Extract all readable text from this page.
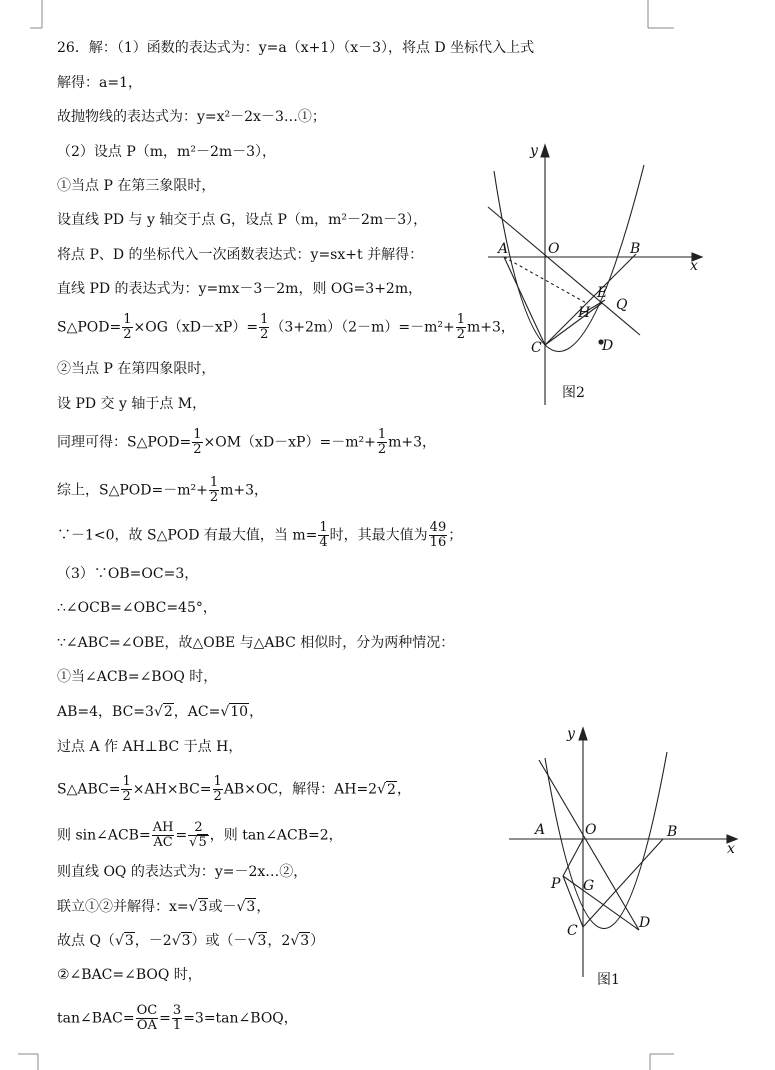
26．解：（1）函数的表达式为：y=a（x+1）（x－3），将点 D 坐标代入上式
解得：a=1，
故抛物线的表达式为：y=x²－2x－3…①；
（2）设点 P（m，m²－2m－3），
①当点 P 在第三象限时，
设直线 PD 与 y 轴交于点 G，设点 P（m，m²－2m－3），
将点 P、D 的坐标代入一次函数表达式：y=sx+t 并解得：
直线 PD 的表达式为：y=mx－3－2m，则 OG=3+2m，
S△POD= $\frac{1}{2} \times OG(xD-xP)= \frac{1}{2} (3+2m)(2-m)=-m^2+ \frac{1}{2} m+3$，
②当点 P 在第四象限时，
设 PD 交 y 轴于点 M，
同理可得：S△POD= $\frac{1}{2} \times OM(xD-xP)=-m^2+ \frac{1}{2} m+3$，
综上，S△POD=－m²+ $\frac{1}{2} m+3$，
∵－1<0，故 S△POD 有最大值，当 $m= \frac{1}{4}$ 时，其最大值为 $\frac{49}{16}$ ；
（3）∵OB=OC=3，
∴∠OCB=∠OBC=45°，
∵∠ABC=∠OBE，故△OBE 与△ABC 相似时，分为两种情况：
①当∠ACB=∠BOQ 时，
AB=4，BC=3√2，AC=√10，
过点 A 作 AH⊥BC 于点 H，
S△ABC= $\frac{1}{2} \times AH\times BC= \frac{1}{2} AB\times OC$，解得：AH=2√2，
则 sin∠ACB= $\frac{AH}{AC} = \frac{2}{√5}$ ，则 tan∠ACB=2，
则直线 OQ 的表达式为：y=－2x…②，
联立①②并解得：x=√3或－√3，
故点 Q（√3，－2√3）或（－√3，2√3）
②∠BAC=∠BOQ 时，
tan∠BAC= $\frac{OC}{OA} = \frac{3}{1}$ =3=tan∠BOQ，
y
x
O
A	B
C	D
E
Q
H
图2
y
x
O
A	B
C	D
P G
图1
